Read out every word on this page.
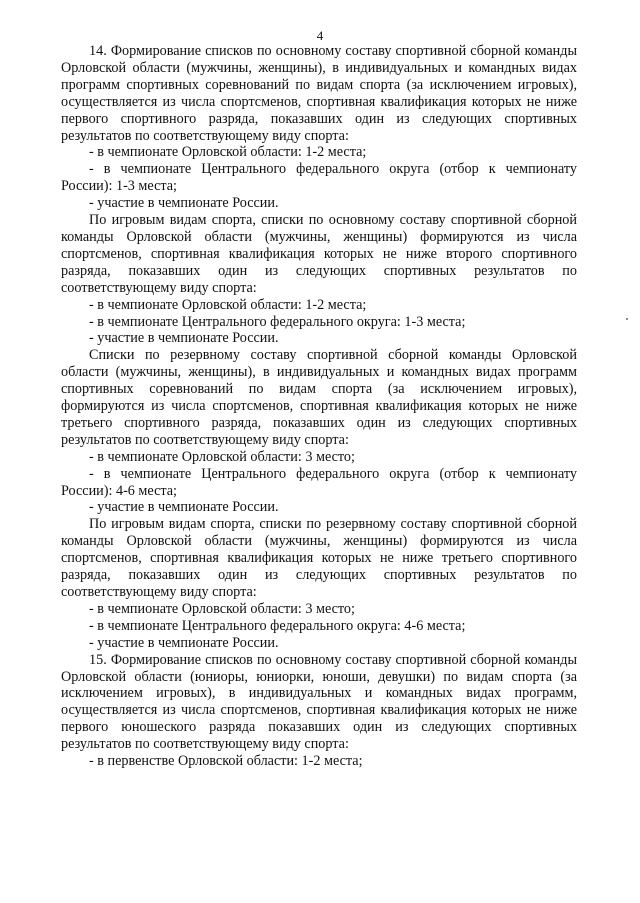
4

14. Формирование списков по основному составу спортивной сборной команды Орловской области (мужчины, женщины), в индивидуальных и командных видах программ спортивных соревнований по видам спорта (за исключением игровых), осуществляется из числа спортсменов, спортивная квалификация которых не ниже первого спортивного разряда, показавших один из следующих спортивных результатов по соответствующему виду спорта:

- в чемпионате Орловской области: 1-2 места;

- в чемпионате Центрального федерального округа (отбор к чемпионату России): 1-3 места;

- участие в чемпионате России.

По игровым видам спорта, списки по основному составу спортивной сборной команды Орловской области (мужчины, женщины) формируются из числа спортсменов, спортивная квалификация которых не ниже второго спортивного разряда, показавших один из следующих спортивных результатов по соответствующему виду спорта:

- в чемпионате Орловской области: 1-2 места;

- в чемпионате Центрального федерального округа: 1-3 места;

- участие в чемпионате России.

Списки по резервному составу спортивной сборной команды Орловской области (мужчины, женщины), в индивидуальных и командных видах программ спортивных соревнований по видам спорта (за исключением игровых), формируются из числа спортсменов, спортивная квалификация которых не ниже третьего спортивного разряда, показавших один из следующих спортивных результатов по соответствующему виду спорта:

- в чемпионате Орловской области: 3 место;

- в чемпионате Центрального федерального округа (отбор к чемпионату России): 4-6 места;

- участие в чемпионате России.

По игровым видам спорта, списки по резервному составу спортивной сборной команды Орловской области (мужчины, женщины) формируются из числа спортсменов, спортивная квалификация которых не ниже третьего спортивного разряда, показавших один из следующих спортивных результатов по соответствующему виду спорта:

- в чемпионате Орловской области: 3 место;

- в чемпионате Центрального федерального округа: 4-6 места;

- участие в чемпионате России.

15. Формирование списков по основному составу спортивной сборной команды Орловской области (юниоры, юниорки, юноши, девушки) по видам спорта (за исключением игровых), в индивидуальных и командных видах программ, осуществляется из числа спортсменов, спортивная квалификация которых не ниже первого юношеского разряда показавших один из следующих спортивных результатов по соответствующему виду спорта:

- в первенстве Орловской области: 1-2 места;
